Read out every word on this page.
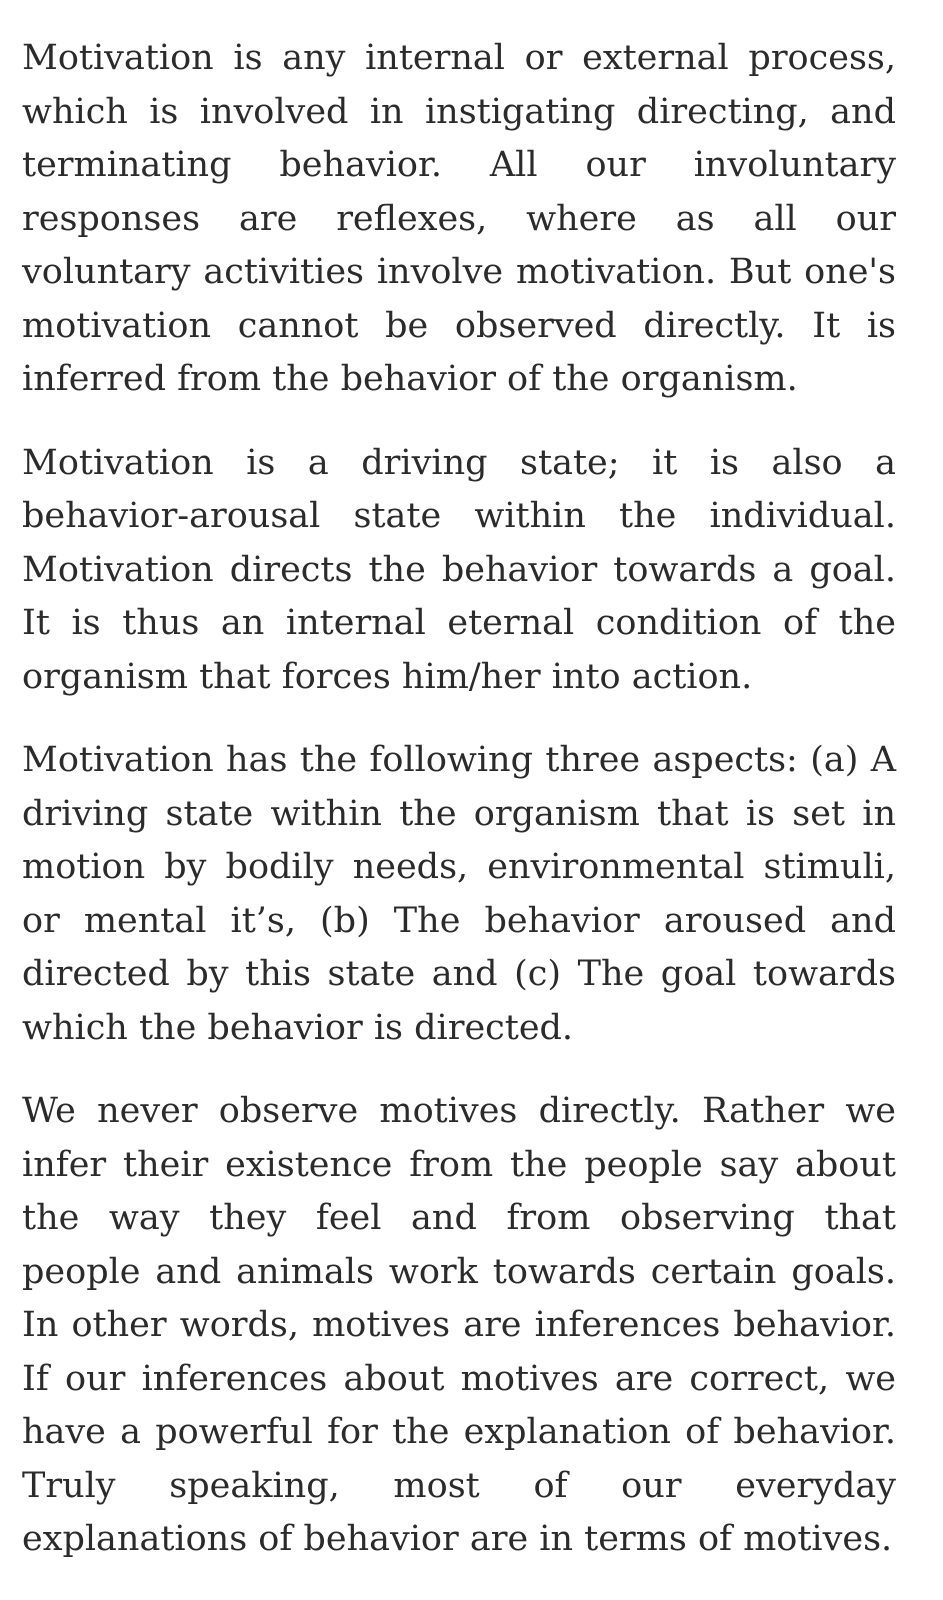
Motivation is any internal or external process, which is involved in instigating directing, and terminating behavior. All our involuntary responses are reflexes, where as all our voluntary activities involve motivation. But one's motivation cannot be observed directly. It is inferred from the behavior of the organism.

Motivation is a driving state; it is also a behavior-arousal state within the individual. Motivation directs the behavior towards a goal. It is thus an internal eternal condition of the organism that forces him/her into action.

Motivation has the following three aspects: (a) A driving state within the organism that is set in motion by bodily needs, environmental stimuli, or mental it’s, (b) The behavior aroused and directed by this state and (c) The goal towards which the behavior is directed.

We never observe motives directly. Rather we infer their existence from the people say about the way they feel and from observing that people and animals work towards certain goals. In other words, motives are inferences behavior. If our inferences about motives are correct, we have a powerful for the explanation of behavior. Truly speaking, most of our everyday explanations of behavior are in terms of motives.
